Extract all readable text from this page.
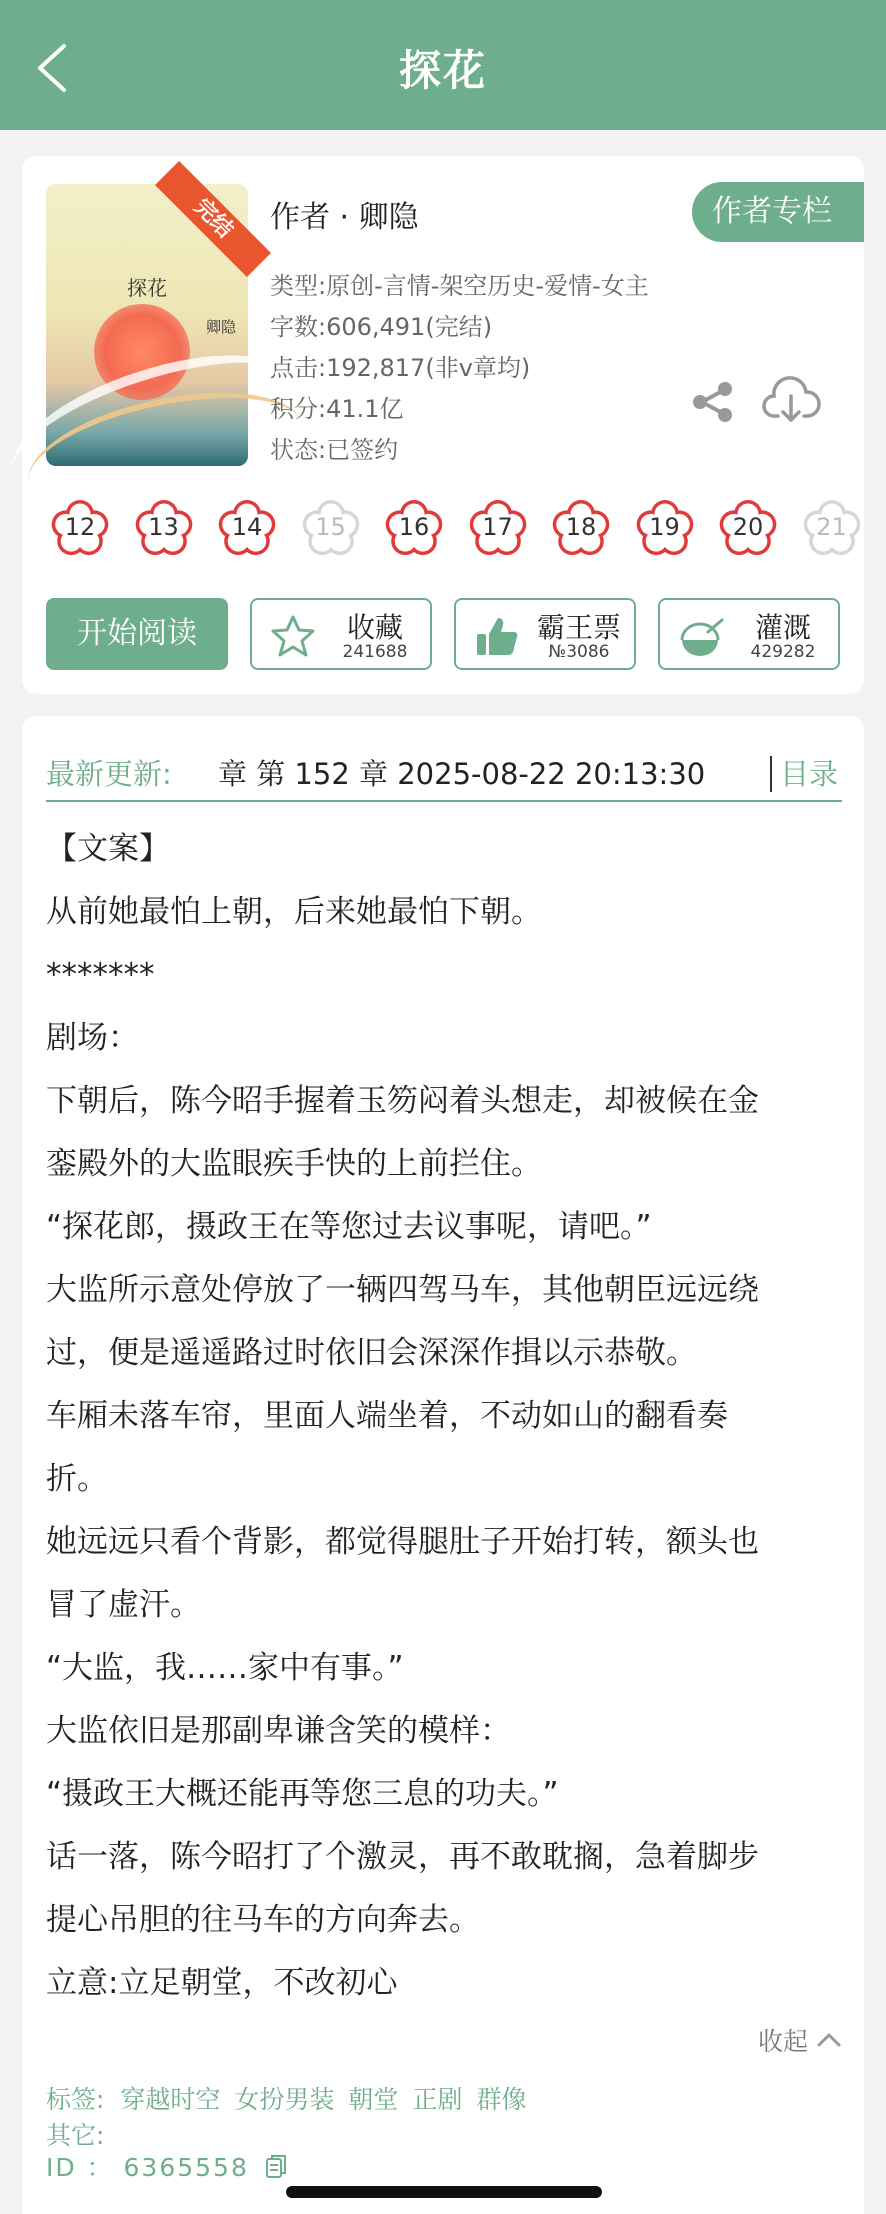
探花
探花
卿隐
完结	作者 · 卿隐	作者专栏
类型:原创-言情-架空历史-爱情-女主
字数:606,491(完结)
点击:192,817(非v章均)
积分:41.1亿
状态:已签约
12	13	14	15	16	17	18	19	20	21
开始阅读	收藏
241688
霸王票
№3086
灌溉
429282
最新更新: 章 第 152 章 2025-08-22 20:13:30	目录

【文案】

从前她最怕上朝，后来她最怕下朝。

*******

剧场：

下朝后，陈今昭手握着玉笏闷着头想走，却被候在金

銮殿外的大监眼疾手快的上前拦住。

“探花郎，摄政王在等您过去议事呢，请吧。”

大监所示意处停放了一辆四驾马车，其他朝臣远远绕

过，便是遥遥路过时依旧会深深作揖以示恭敬。

车厢未落车帘，里面人端坐着，不动如山的翻看奏

折。

她远远只看个背影，都觉得腿肚子开始打转，额头也

冒了虚汗。

“大监，我……家中有事。”

大监依旧是那副卑谦含笑的模样：

“摄政王大概还能再等您三息的功夫。”

话一落，陈今昭打了个激灵，再不敢耽搁，急着脚步

提心吊胆的往马车的方向奔去。

立意:立足朝堂，不改初心

收起
标签: 穿越时空 女扮男装 朝堂 正剧 群像
其它:
ID ： 6365558
